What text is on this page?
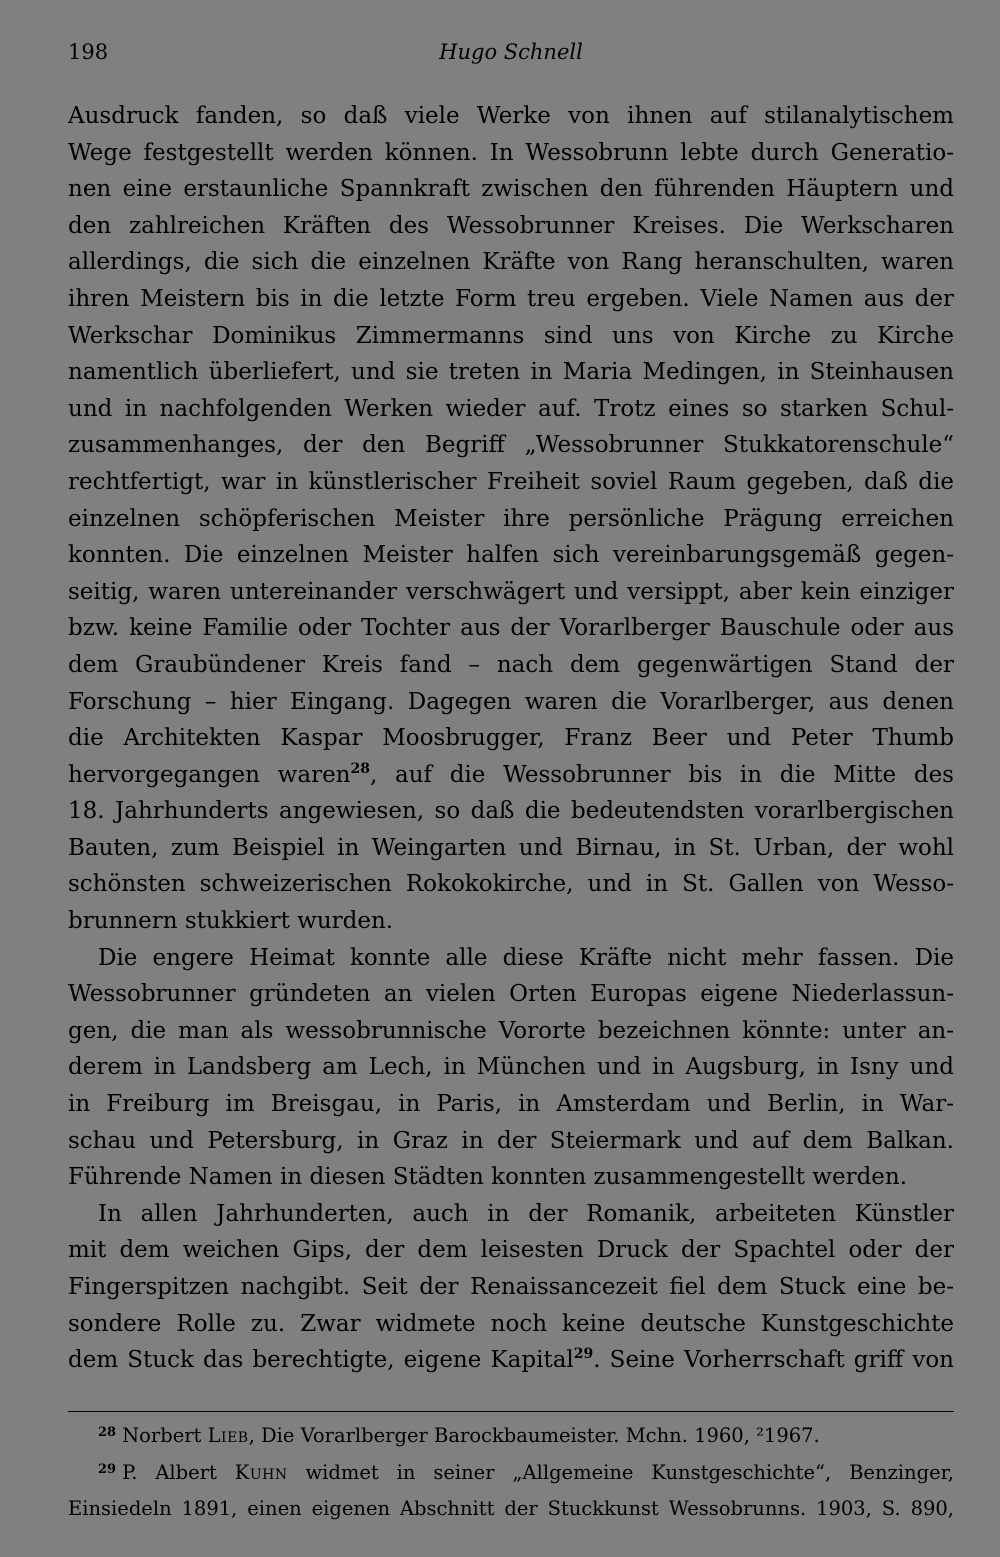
198	Hugo Schnell
Ausdruck fanden, so daß viele Werke von ihnen auf stilanalytischem
Wege festgestellt werden können. In Wessobrunn lebte durch Generatio-
nen eine erstaunliche Spannkraft zwischen den führenden Häuptern und
den zahlreichen Kräften des Wessobrunner Kreises. Die Werkscharen
allerdings, die sich die einzelnen Kräfte von Rang heranschulten, waren
ihren Meistern bis in die letzte Form treu ergeben. Viele Namen aus der
Werkschar Dominikus Zimmermanns sind uns von Kirche zu Kirche
namentlich überliefert, und sie treten in Maria Medingen, in Steinhausen
und in nachfolgenden Werken wieder auf. Trotz eines so starken Schul-
zusammenhanges, der den Begriff „Wessobrunner Stukkatorenschule“
rechtfertigt, war in künstlerischer Freiheit soviel Raum gegeben, daß die
einzelnen schöpferischen Meister ihre persönliche Prägung erreichen
konnten. Die einzelnen Meister halfen sich vereinbarungsgemäß gegen-
seitig, waren untereinander verschwägert und versippt, aber kein einziger
bzw. keine Familie oder Tochter aus der Vorarlberger Bauschule oder aus
dem Graubündener Kreis fand – nach dem gegenwärtigen Stand der
Forschung – hier Eingang. Dagegen waren die Vorarlberger, aus denen
die Architekten Kaspar Moosbrugger, Franz Beer und Peter Thumb
hervorgegangen waren$^{28}$, auf die Wessobrunner bis in die Mitte des
18. Jahrhunderts angewiesen, so daß die bedeutendsten vorarlbergischen
Bauten, zum Beispiel in Weingarten und Birnau, in St. Urban, der wohl
schönsten schweizerischen Rokokokirche, und in St. Gallen von Wesso-
brunnern stukkiert wurden.
Die engere Heimat konnte alle diese Kräfte nicht mehr fassen. Die
Wessobrunner gründeten an vielen Orten Europas eigene Niederlassun-
gen, die man als wessobrunnische Vororte bezeichnen könnte: unter an-
derem in Landsberg am Lech, in München und in Augsburg, in Isny und
in Freiburg im Breisgau, in Paris, in Amsterdam und Berlin, in War-
schau und Petersburg, in Graz in der Steiermark und auf dem Balkan.
Führende Namen in diesen Städten konnten zusammengestellt werden.
In allen Jahrhunderten, auch in der Romanik, arbeiteten Künstler
mit dem weichen Gips, der dem leisesten Druck der Spachtel oder der
Fingerspitzen nachgibt. Seit der Renaissancezeit fiel dem Stuck eine be-
sondere Rolle zu. Zwar widmete noch keine deutsche Kunstgeschichte
dem Stuck das berechtigte, eigene Kapital$^{29}$. Seine Vorherrschaft griff von
$^{28}$ Norbert Lieb, Die Vorarlberger Barockbaumeister. Mchn. 1960, ²1967.
$^{29}$ P. Albert Kuhn widmet in seiner „Allgemeine Kunstgeschichte“, Benzinger,
Einsiedeln 1891, einen eigenen Abschnitt der Stuckkunst Wessobrunns. 1903, S. 890,
